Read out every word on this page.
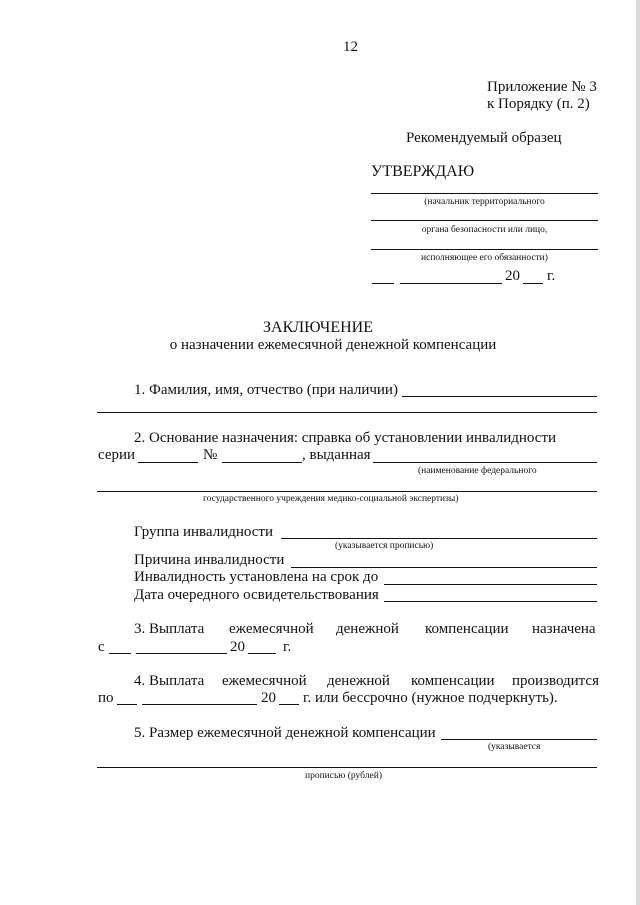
12
Приложение № 3
к Порядку (п. 2)
Рекомендуемый образец
УТВЕРЖДАЮ
(начальник территориального
органа безопасности или лицо,
исполняющее его обязанности)
20 г.
ЗАКЛЮЧЕНИЕ
о назначении ежемесячной денежной компенсации
1. Фамилия, имя, отчество (при наличии)
2. Основание назначения: справка об установлении инвалидности
серии	№	, выданная
(наименование федерального
государственного учреждения медико-социальной экспертизы)
Группа инвалидности
(указывается прописью)
Причина инвалидности
Инвалидность установлена на срок до
Дата очередного освидетельствования
3. Выплата ежемесячной денежной компенсации назначена
с	20	г.
4. Выплата ежемесячной денежной компенсации производится
по	20 г. или бессрочно (нужное подчеркнуть).
5. Размер ежемесячной денежной компенсации
(указывается
прописью (рублей)
